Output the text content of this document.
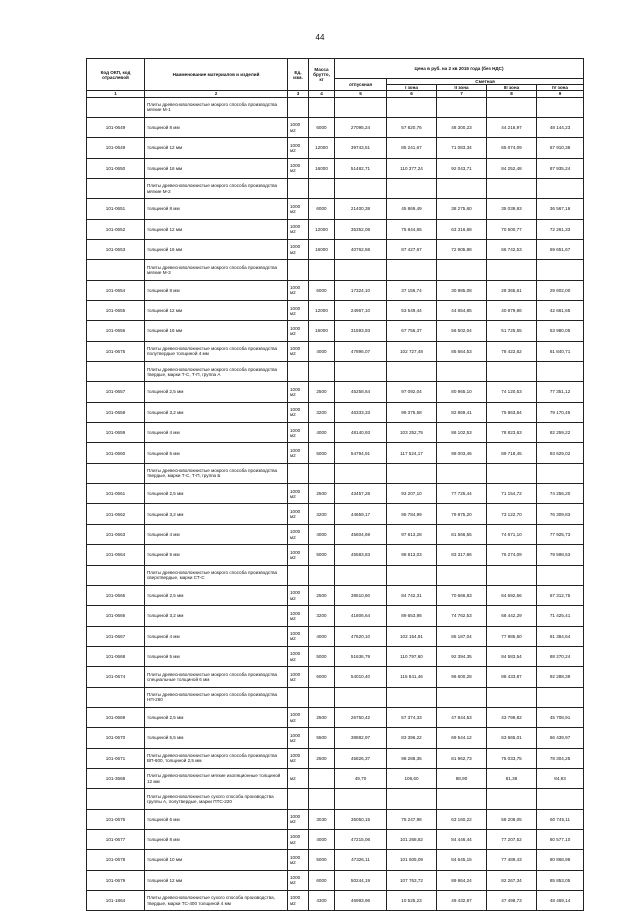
44
Код ОКП, код отраслевой	Наименование материалов и изделий	Ед. изм.	Масса брутто, кг	Цена в руб. на 2 кв 2015 года (без НДС)				
				отпускная	Сметная			
					I зона	II зона	III зона	IV зона
1	2	3	4	5	6	7	8	9
	Плиты древесноволокнистые мокрого способа производства мягкие М-1							
101-0649	толщиной 8 мм	1000 м2	6000	27095,24	57 820,76	48 300,23	44 216,97	48 144,23
101-0649	толщиной 12 мм	1000 м2	12000	39743,51	85 241,67	71 083,34	65 074,09	67 910,38
101-0650	толщиной 16 мм	1000 м2	16000	51482,71	110 377,24	92 043,71	84 252,48	87 935,24
	Плиты древесноволокнистые мокрого способа производства мягкие М-2							
101-0651	толщиной 8 мм	1000 м2	6000	21400,38	45 869,49	38 275,60	35 039,93	36 567,16
101-0652	толщиной 12 мм	1000 м2	12000	35352,08	75 844,65	63 316,68	70 500,77	72 261,33
101-0653	толщиной 16 мм	1000 м2	16000	40762,58	87 427,67	72 905,88	66 742,53	69 651,67
	Плиты древесноволокнистые мокрого способа производства мягкие М-3							
101-0654	толщиной 8 мм	1000 м2	6000	17324,10	37 156,74	30 985,08	28 365,61	29 602,00
101-0655	толщиной 12 мм	1000 м2	12000	24967,10	53 549,44	44 654,85	40 879,86	42 661,65
101-0656	толщиной 16 мм	1000 м2	16000	31593,93	67 756,37	56 502,04	51 725,55	53 980,05
101-0675	Плиты древесноволокнистые мокрого способа производства полутвердые толщиной 4 мм	1000 м2	4000	47896,07	102 727,48	85 664,53	78 422,62	81 840,71
	Плиты древесноволокнистые мокрого способа производства твердые, марки Т-С, Т-П, группа А							
101-0657	толщиной 2,5 мм	1000 м2	2500	45258,64	97 092,04	80 965,10	74 120,53	77 351,12
101-0658	толщиной 3,2 мм	1000 м2	3200	46333,33	99 375,58	82 869,41	75 863,84	79 170,45
101-0659	толщиной 4 мм	1000 м2	4000	48140,93	103 252,75	86 102,53	78 823,63	82 259,22
101-0660	толщиной 5 мм	1000 м2	5000	54794,91	117 524,17	98 003,46	89 718,45	93 629,02
	Плиты древесноволокнистые мокрого способа производства твердые, марки Т-С, Т-П, группа Б							
101-0661	толщиной 2,5 мм	1000 м2	2500	43457,28	93 207,10	77 725,44	71 154,72	74 256,20
101-0662	толщиной 3,2 мм	1000 м2	3200	44659,17	95 784,99	79 875,20	73 122,70	76 309,83
101-0663	толщиной 4 мм	1000 м2	4000	45604,69	97 813,28	81 566,55	74 671,10	77 925,73
101-0664	толщиной 5 мм	1000 м2	5000	45583,83	98 813,03	83 317,86	76 274,09	79 598,53
	Плиты древесноволокнистые мокрого способа производства сверхтвердые, марки СТ-С							
101-0665	толщиной 2,5 мм	1000 м2	2500	39510,60	84 742,31	70 666,83	64 692,66	67 312,75
101-0666	толщиной 3,2 мм	1000 м2	3200	41806,64	89 653,98	74 762,53	68 442,29	71 425,41
101-0667	толщиной 4 мм	1000 м2	4000	47620,10	102 154,91	85 187,04	77 985,50	81 384,64
101-0668	толщиной 5 мм	1000 м2	5000	51636,79	110 797,60	92 394,35	84 583,54	88 270,24
101-0674	Плиты древесноволокнистые мокрого способа производства специальные толщиной 6 мм	1000 м2	6000	54010,40	115 841,46	96 600,28	88 433,87	92 288,39
	Плиты древесноволокнистые мокрого способа производства НП-260							
101-0669	толщиной 2,5 мм	1000 м2	2500	26750,42	57 374,33	47 844,53	43 799,82	45 708,91
101-0670	толщиной 5,5 мм	1000 м2	5500	38882,97	83 396,22	69 544,12	63 665,01	66 439,97
101-0671	Плиты древесноволокнистые мокрого способа производства ВП-600, толщиной 2,5 мм	1000 м2	2500	45826,37	98 288,35	81 962,73	75 033,75	78 304,25
101-3668	Плиты древесноволокнистые мягкие изоляционные толщиной 12 мм	м2		49,70	106,60	88,90	81,38	84,93
	Плиты древесноволокнистые сухого способа производства группы А, полутвердые, марки ПТС-220							
101-0676	толщиной 6 мм	1000 м2	3030	35050,15	75 247,98	63 160,22	58 208,05	60 745,11
101-0677	толщиной 8 мм	1000 м2	4000	47215,06	101 268,82	84 446,44	77 207,52	80 577,10
101-0678	толщиной 10 мм	1000 м2	5000	47326,11	101 505,09	84 645,15	77 489,43	80 868,98
101-0679	толщиной 12 мм	1000 м2	6000	50244,19	107 763,72	89 864,24	82 267,34	85 853,05
101-1864	Плиты древесноволокнистые сухого способа производства, твердые, марки ТС-400 толщиной 4 мм	1000 м2	4300	46993,96	10 525,23	49 432,87	47 498,73	48 469,14
